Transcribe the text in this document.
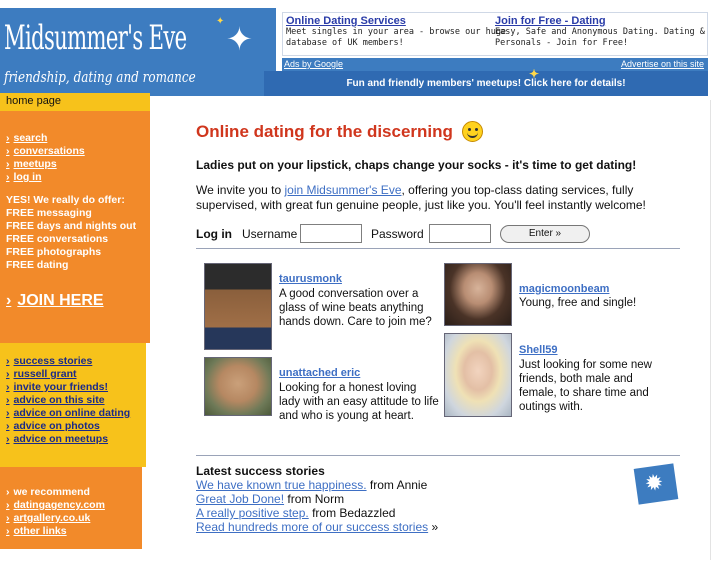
Midsummer's Eve
friendship, dating and romance
✦
✦	Online Dating Services

Meet singles in your area - browse our huge

database of UK members!

Join for Free - Dating

Easy, Safe and Anonymous Dating. Dating &

Personals - Join for Free!

Ads by Google	Advertise on this site
✦
Fun and friendly members' meetups! Click here for details!
home page
› search
› conversations
› meetups
› log in
YES! We really do offer:
FREE messaging
FREE days and nights out
FREE conversations
FREE photographs
FREE dating
› JOIN HERE
› success stories
› russell grant
› invite your friends!
› advice on this site
› advice on online dating
› advice on photos
› advice on meetups
› we recommend
› datingagency.com
› artgallery.co.uk
› other links
Online dating for the discerning
Ladies put on your lipstick, chaps change your socks - it's time to get dating!
We invite you to join Midsummer's Eve, offering you top-class dating services, fully supervised, with great fun genuine people, just like you. You'll feel instantly welcome!
Log in Username	Password	Enter »
taurusmonk
A good conversation over a glass of wine beats anything hands down. Care to join me?
unattached eric
Looking for a honest loving lady with an easy attitude to life and who is young at heart.
magicmoonbeam
Young, free and single!
Shell59
Just looking for some new friends, both male and female, to share time and outings with.
Latest success stories
We have known true happiness. from Annie
Great Job Done! from Norm
A really positive step. from Bedazzled
Read hundreds more of our success stories »
✹
